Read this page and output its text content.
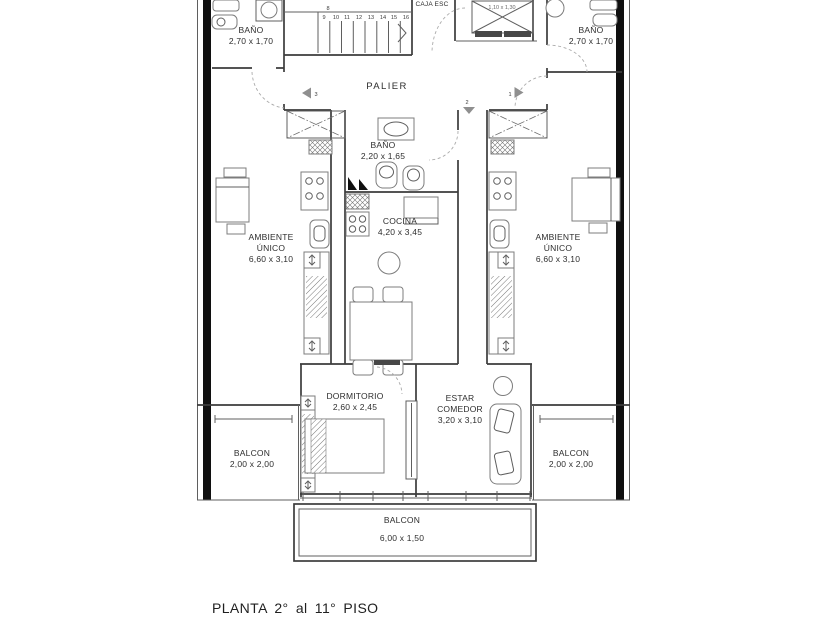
8
9 10 11 12 13 14 15 16
1,10 x 1,30
3
2
1
BAÑO
2,70 x 1,70
BAÑO
2,70 x 1,70
CAJA ESC
PALIER
BAÑO
2,20 x 1,65
COCINA
4,20 x 3,45
AMBIENTE ÚNICO
6,60 x 3,10
AMBIENTE ÚNICO
6,60 x 3,10
DORMITORIO
2,60 x 2,45
ESTAR COMEDOR
3,20 x 3,10
BALCON
2,00 x 2,00
BALCON
2,00 x 2,00
BALCON
6,00 x 1,50
PLANTA 2° al 11° PISO
